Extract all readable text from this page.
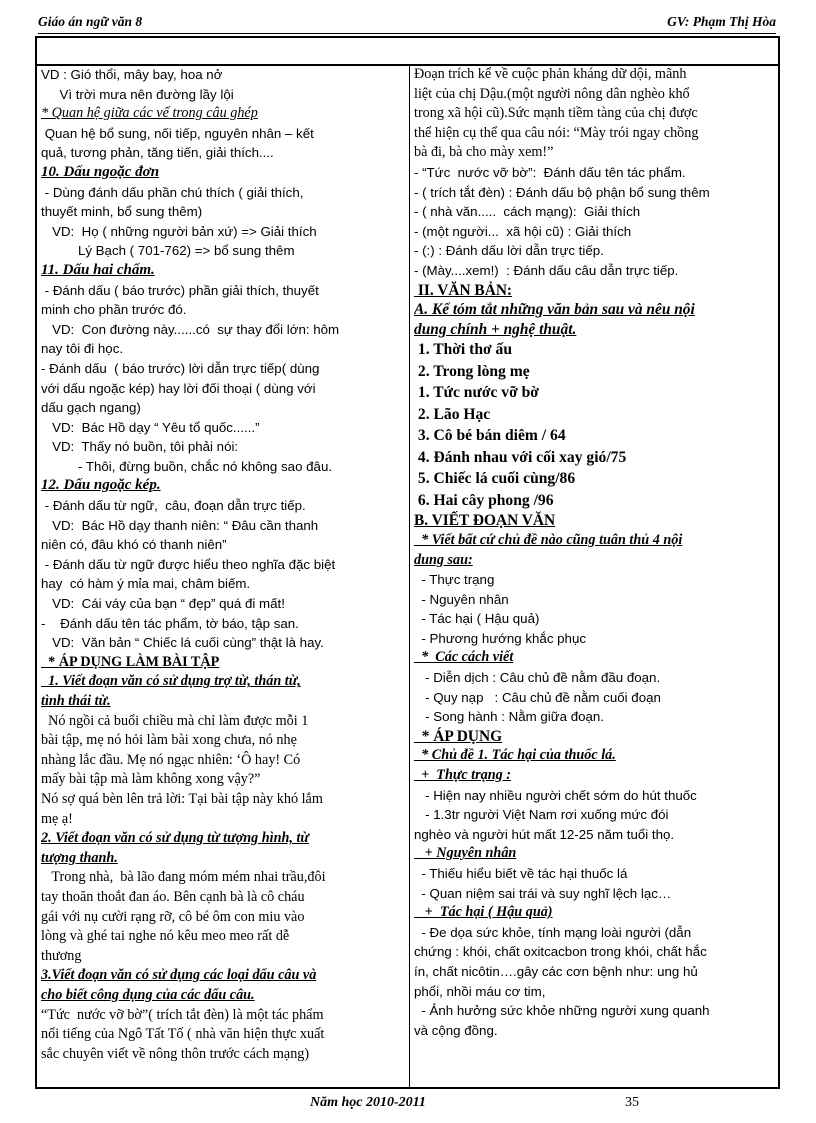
Giáo án ngữ văn 8	GV: Phạm Thị Hòa
VD : Gió thổi, mây bay, hoa nở
Vì trời mưa nên đường lầy lội
* Quan hệ giữa các vế trong câu ghép
Quan hệ bổ sung, nối tiếp, nguyên nhân – kết
quả, tương phản, tăng tiến, giải thích....
10. Dấu ngoặc đơn
- Dùng đánh dấu phần chú thích ( giải thích,
thuyết minh, bổ sung thêm)
VD:  Họ ( những người bản xứ) => Giải thích
Lý Bạch ( 701-762) => bổ sung thêm
11. Dấu hai chấm.
- Đánh dấu ( báo trước) phần giải thích, thuyết
minh cho phần trước đó.
VD:  Con đường này......có  sự thay đổi lớn: hôm
nay tôi đi học.
- Đánh dấu  ( báo trước) lời dẫn trực tiếp( dùng
với dấu ngoặc kép) hay lời đối thoại ( dùng với
dấu gạch ngang)
VD:  Bác Hồ dạy “ Yêu tổ quốc......”
VD:  Thấy nó buồn, tôi phải nói:
- Thôi, đừng buồn, chắc nó không sao đâu.
12. Dấu ngoặc kép.
- Đánh dấu từ ngữ,  câu, đoạn dẫn trực tiếp.
VD:  Bác Hồ dạy thanh niên: “ Đâu cần thanh
niên có, đâu khó có thanh niên”
- Đánh dấu từ ngữ được hiểu theo nghĩa đặc biệt
hay  có hàm ý mỉa mai, châm biếm.
VD:  Cái váy của bạn “ đẹp” quá đi mất!
-    Đánh dấu tên tác phẩm, tờ báo, tập san.
VD:  Văn bản “ Chiếc lá cuối cùng” thật là hay.
* ÁP DỤNG LÀM BÀI TẬP
1. Viết đoạn văn có sử dụng trợ từ, thán từ,
tình thái từ.
Nó ngồi cả buổi chiều mà chỉ làm được mỗi 1
bài tập, mẹ nó hỏi làm bài xong chưa, nó nhẹ
nhàng lắc đầu. Mẹ nó ngạc nhiên: ‘Ô hay! Có
mấy bài tập mà làm không xong vậy?”
Nó sợ quá bèn lên trả lời: Tại bài tập này khó lắm
mẹ ạ!
2. Viết đoạn văn có sử dụng từ tượng hình, từ
tượng thanh.
Trong nhà,  bà lão đang móm mém nhai trầu,đôi
tay thoăn thoắt đan áo. Bên cạnh bà là cô cháu
gái với nụ cười rạng rỡ, cô bé ôm con miu vào
lòng và ghé tai nghe nó kêu meo meo rất dễ
thương
3.Viết đoạn văn có sử dụng các loại dấu câu và
cho biết công dụng của các dấu câu.
“Tức  nước vỡ bờ”( trích tắt đèn) là một tác phẩm
nổi tiếng của Ngô Tất Tố ( nhà văn hiện thực xuất
sắc chuyên viết về nông thôn trước cách mạng)
Đoạn trích kể về cuộc phản kháng dữ dội, mãnh
liệt của chị Dậu.(một người nông dân nghèo khổ
trong xã hội cũ).Sức mạnh tiềm tàng của chị được
thể hiện cụ thể qua câu nói: “Mày trói ngay chồng
bà đi, bà cho mày xem!”
- “Tức  nước vỡ bờ”:  Đánh dấu tên tác phẩm.
- ( trích tắt đèn) : Đánh dấu bộ phận bổ sung thêm
- ( nhà văn.....  cách mạng):  Giải thích
- (một người...  xã hội cũ) : Giải thích
- (:) : Đánh dấu lời dẫn trực tiếp.
- (Mày....xem!)  : Đánh dấu câu dẫn trực tiếp.
II. VĂN BẢN:
A. Kể tóm tắt những văn bản sau và nêu nội
dung chính + nghệ thuật.
1. Thời thơ ấu
2. Trong lòng mẹ
1. Tức nước vỡ bờ
2. Lão Hạc
3. Cô bé bán diêm / 64
4. Đánh nhau với cối xay gió/75
5. Chiếc lá cuối cùng/86
6. Hai cây phong /96
B. VIẾT ĐOẠN VĂN
* Viết bất cứ chủ đề nào cũng tuân thủ 4 nội
dung sau:
- Thực trạng
- Nguyên nhân
- Tác hại ( Hậu quả)
- Phương hướng khắc phục
*  Các cách viết
- Diễn dịch : Câu chủ đề nằm đầu đoạn.
- Quy nạp   : Câu chủ đề nằm cuối đoạn
- Song hành : Nằm giữa đoạn.
* ÁP DỤNG
* Chủ đề 1. Tác hại của thuốc lá.
+  Thực trạng :
- Hiện nay nhiều người chết sớm do hút thuốc
- 1.3tr người Việt Nam rơi xuống mức đói
nghèo và người hút mất 12-25 năm tuổi thọ.
+ Nguyên nhân
- Thiếu hiểu biết về tác hại thuốc lá
- Quan niệm sai trái và suy nghĩ lệch lạc…
+  Tác hại ( Hậu quả)
- Đe dọa sức khỏe, tính mạng loài người (dẫn
chứng : khói, chất oxitcacbon trong khói, chất hắc
ín, chất nicôtin….gây các cơn bệnh như: ung hủ
phổi, nhồi máu cơ tim,
- Ảnh hưởng sức khỏe những người xung quanh
và cộng đồng.
Năm học 2010-2011	35
